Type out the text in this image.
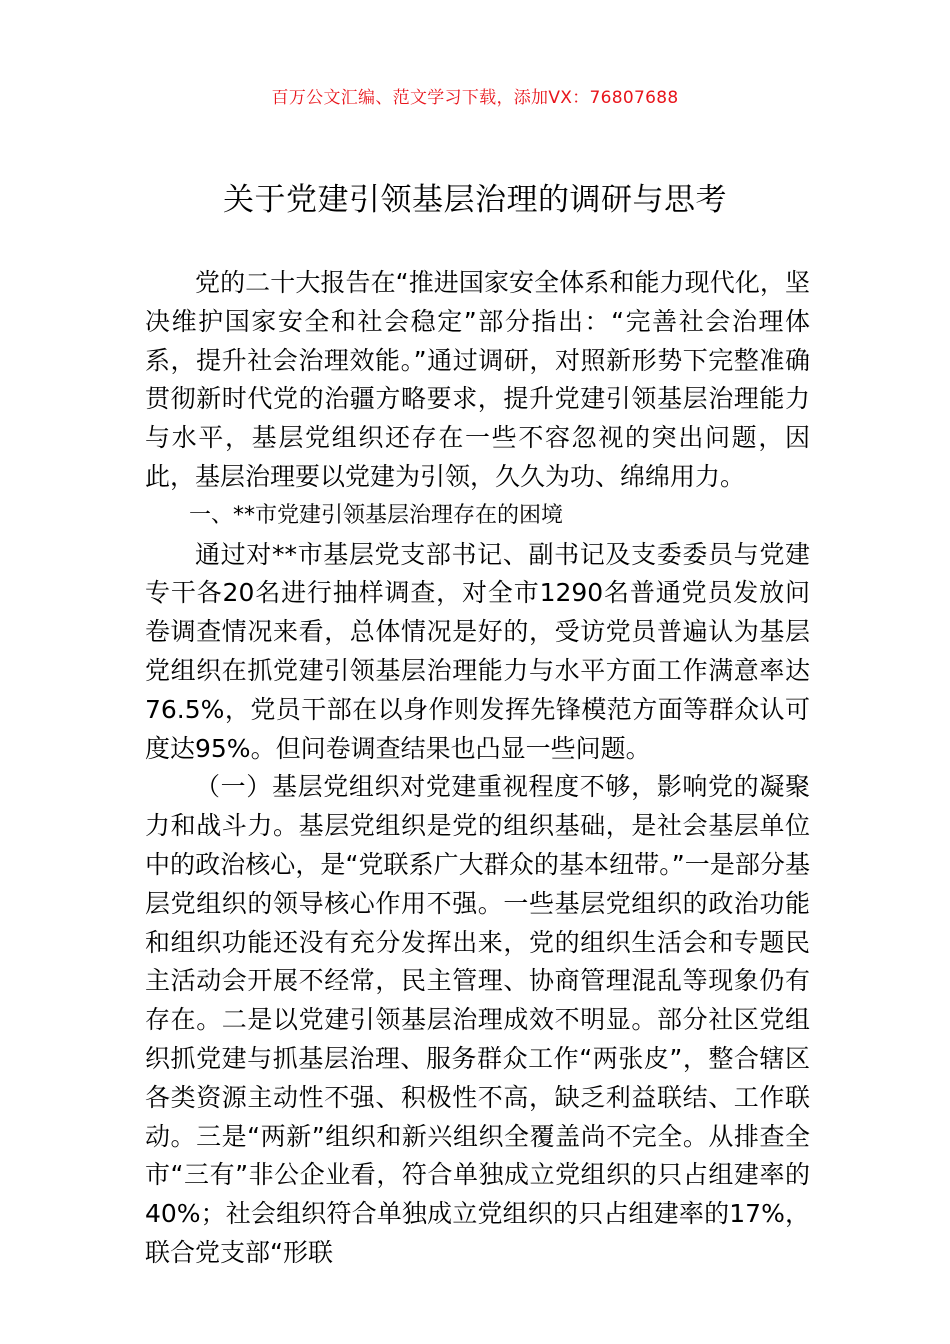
百万公文汇编、范文学习下载，添加VX：76807688
关于党建引领基层治理的调研与思考

党的二十大报告在“推进国家安全体系和能力现代化，坚决维护国家安全和社会稳定”部分指出：“完善社会治理体系，提升社会治理效能。”通过调研，对照新形势下完整准确贯彻新时代党的治疆方略要求，提升党建引领基层治理能力与水平，基层党组织还存在一些不容忽视的突出问题，因此，基层治理要以党建为引领，久久为功、绵绵用力。

一、**市党建引领基层治理存在的困境

通过对**市基层党支部书记、副书记及支委委员与党建专干各20名进行抽样调查，对全市1290名普通党员发放问卷调查情况来看，总体情况是好的，受访党员普遍认为基层党组织在抓党建引领基层治理能力与水平方面工作满意率达76.5%，党员干部在以身作则发挥先锋模范方面等群众认可度达95%。但问卷调查结果也凸显一些问题。

（一）基层党组织对党建重视程度不够，影响党的凝聚力和战斗力。基层党组织是党的组织基础，是社会基层单位中的政治核心，是“党联系广大群众的基本纽带。”一是部分基层党组织的领导核心作用不强。一些基层党组织的政治功能和组织功能还没有充分发挥出来，党的组织生活会和专题民主活动会开展不经常，民主管理、协商管理混乱等现象仍有存在。二是以党建引领基层治理成效不明显。部分社区党组织抓党建与抓基层治理、服务群众工作“两张皮”，整合辖区各类资源主动性不强、积极性不高，缺乏利益联结、工作联动。三是“两新”组织和新兴组织全覆盖尚不完全。从排查全市“三有”非公企业看，符合单独成立党组织的只占组建率的40%；社会组织符合单独成立党组织的只占组建率的17%，联合党支部“形联
